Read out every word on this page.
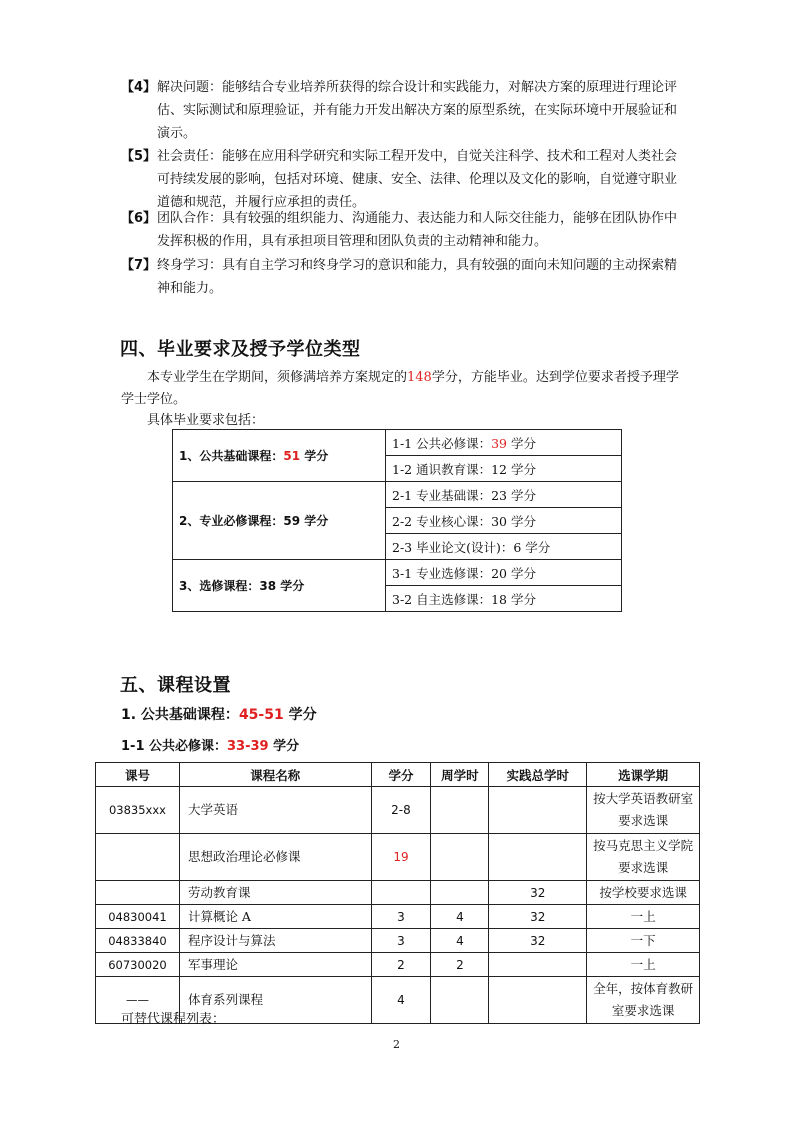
【4】 解决问题：能够结合专业培养所获得的综合设计和实践能力，对解决方案的原理进行理论评估、实际测试和原理验证，并有能力开发出解决方案的原型系统，在实际环境中开展验证和演示。
【5】 社会责任：能够在应用科学研究和实际工程开发中，自觉关注科学、技术和工程对人类社会可持续发展的影响，包括对环境、健康、安全、法律、伦理以及文化的影响，自觉遵守职业道德和规范，并履行应承担的责任。
【6】 团队合作：具有较强的组织能力、沟通能力、表达能力和人际交往能力，能够在团队协作中发挥积极的作用，具有承担项目管理和团队负责的主动精神和能力。
【7】 终身学习：具有自主学习和终身学习的意识和能力，具有较强的面向未知问题的主动探索精神和能力。
四、毕业要求及授予学位类型

本专业学生在学期间，须修满培养方案规定的148学分，方能毕业。达到学位要求者授予理学学士学位。

具体毕业要求包括：

1、公共基础课程：51 学分	1-1 公共必修课：39 学分
	1-2 通识教育课：12 学分
2、专业必修课程：59 学分	2-1 专业基础课：23 学分
	2-2 专业核心课：30 学分
	2-3 毕业论文(设计)：6 学分
3、选修课程：38 学分	3-1 专业选修课：20 学分
	3-2 自主选修课：18 学分
五、课程设置
1. 公共基础课程：45-51 学分
1-1 公共必修课：33-39 学分
课号	课程名称	学分	周学时	实践总学时	选课学期
03835xxx	大学英语	2-8			按大学英语教研室要求选课
	思想政治理论必修课	19			按马克思主义学院要求选课
	劳动教育课			32	按学校要求选课
04830041	计算概论 A	3	4	32	一上
04833840	程序设计与算法	3	4	32	一下
60730020	军事理论	2	2		一上
——	体育系列课程	4			全年，按体育教研室要求选课

可替代课程列表：

2
